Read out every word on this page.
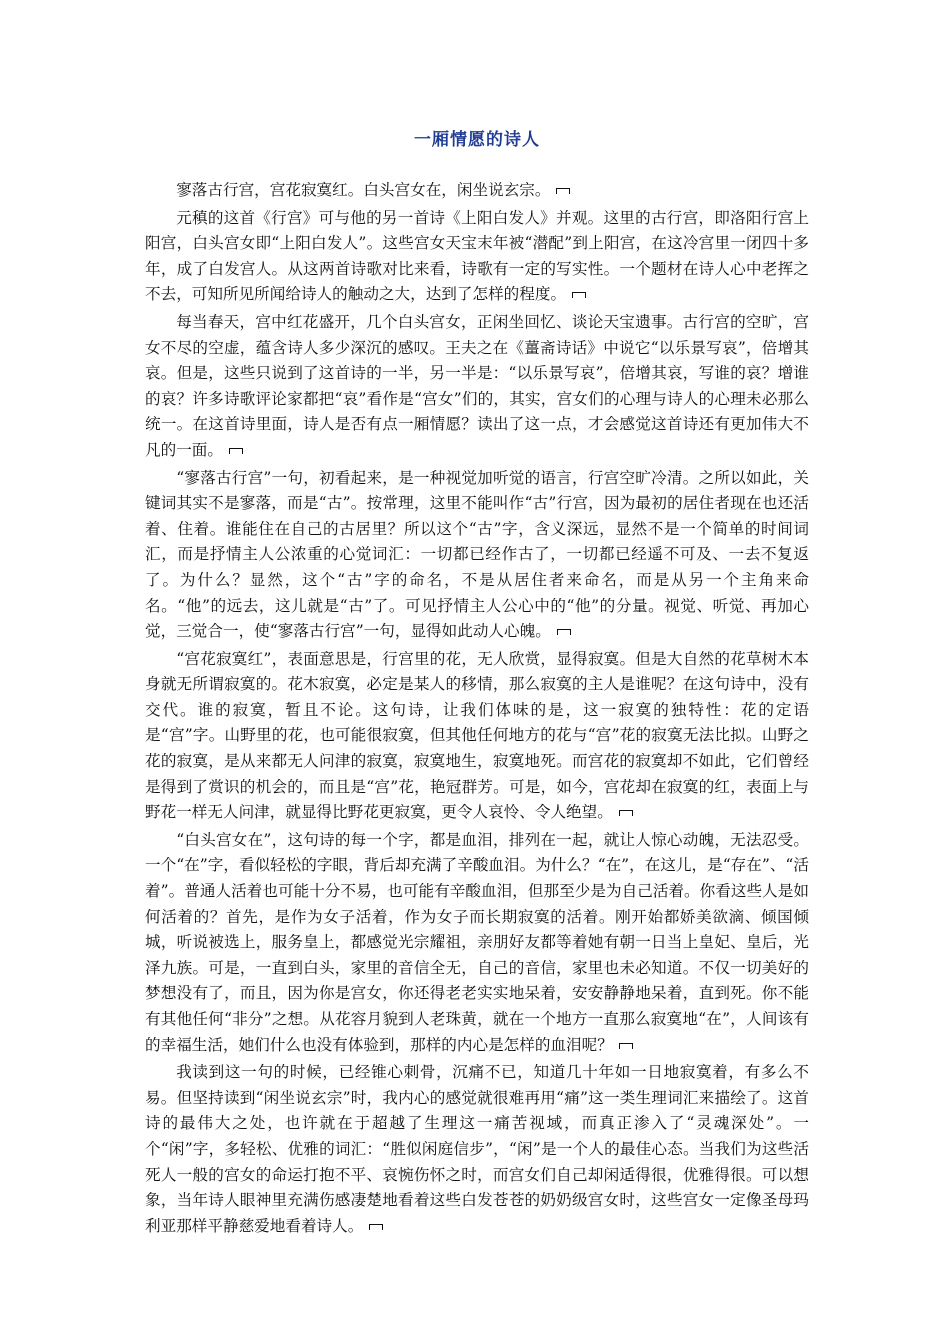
一厢情愿的诗人

寥落古行宫，宫花寂寞红。白头宫女在，闲坐说玄宗。

元稹的这首《行宫》可与他的另一首诗《上阳白发人》并观。这里的古行宫，即洛阳行宫上阳宫，白头宫女即“上阳白发人”。这些宫女天宝末年被“潜配”到上阳宫，在这冷宫里一闭四十多年，成了白发宫人。从这两首诗歌对比来看，诗歌有一定的写实性。一个题材在诗人心中老挥之不去，可知所见所闻给诗人的触动之大，达到了怎样的程度。

每当春天，宫中红花盛开，几个白头宫女，正闲坐回忆、谈论天宝遗事。古行宫的空旷，宫女不尽的空虚，蕴含诗人多少深沉的感叹。王夫之在《薑斋诗话》中说它“以乐景写哀”，倍增其哀。但是，这些只说到了这首诗的一半，另一半是：“以乐景写哀”，倍增其哀，写谁的哀？增谁的哀？许多诗歌评论家都把“哀”看作是“宫女”们的，其实，宫女们的心理与诗人的心理未必那么统一。在这首诗里面，诗人是否有点一厢情愿？读出了这一点，才会感觉这首诗还有更加伟大不凡的一面。

“寥落古行宫”一句，初看起来，是一种视觉加听觉的语言，行宫空旷冷清。之所以如此，关键词其实不是寥落，而是“古”。按常理，这里不能叫作“古”行宫，因为最初的居住者现在也还活着、住着。谁能住在自己的古居里？所以这个“古”字，含义深远，显然不是一个简单的时间词汇，而是抒情主人公浓重的心觉词汇：一切都已经作古了，一切都已经遥不可及、一去不复返了。为什么？显然，这个“古”字的命名，不是从居住者来命名，而是从另一个主角来命名。“他”的远去，这儿就是“古”了。可见抒情主人公心中的“他”的分量。视觉、听觉、再加心觉，三觉合一，使“寥落古行宫”一句，显得如此动人心魄。

“宫花寂寞红”，表面意思是，行宫里的花，无人欣赏，显得寂寞。但是大自然的花草树木本身就无所谓寂寞的。花木寂寞，必定是某人的移情，那么寂寞的主人是谁呢？在这句诗中，没有交代。谁的寂寞，暂且不论。这句诗，让我们体味的是，这一寂寞的独特性：花的定语是“宫”字。山野里的花，也可能很寂寞，但其他任何地方的花与“宫”花的寂寞无法比拟。山野之花的寂寞，是从来都无人问津的寂寞，寂寞地生，寂寞地死。而宫花的寂寞却不如此，它们曾经是得到了赏识的机会的，而且是“宫”花，艳冠群芳。可是，如今，宫花却在寂寞的红，表面上与野花一样无人问津，就显得比野花更寂寞，更令人哀怜、令人绝望。

“白头宫女在”，这句诗的每一个字，都是血泪，排列在一起，就让人惊心动魄，无法忍受。一个“在”字，看似轻松的字眼，背后却充满了辛酸血泪。为什么？“在”，在这儿，是“存在”、“活着”。普通人活着也可能十分不易，也可能有辛酸血泪，但那至少是为自己活着。你看这些人是如何活着的？首先，是作为女子活着，作为女子而长期寂寞的活着。刚开始都娇美欲滴、倾国倾城，听说被选上，服务皇上，都感觉光宗耀祖，亲朋好友都等着她有朝一日当上皇妃、皇后，光泽九族。可是，一直到白头，家里的音信全无，自己的音信，家里也未必知道。不仅一切美好的梦想没有了，而且，因为你是宫女，你还得老老实实地呆着，安安静静地呆着，直到死。你不能有其他任何“非分”之想。从花容月貌到人老珠黄，就在一个地方一直那么寂寞地“在”，人间该有的幸福生活，她们什么也没有体验到，那样的内心是怎样的血泪呢？

我读到这一句的时候，已经锥心刺骨，沉痛不已，知道几十年如一日地寂寞着，有多么不易。但坚持读到“闲坐说玄宗”时，我内心的感觉就很难再用“痛”这一类生理词汇来描绘了。这首诗的最伟大之处，也许就在于超越了生理这一痛苦视域，而真正渗入了“灵魂深处”。一个“闲”字，多轻松、优雅的词汇：“胜似闲庭信步”，“闲”是一个人的最佳心态。当我们为这些活死人一般的宫女的命运打抱不平、哀惋伤怀之时，而宫女们自己却闲适得很，优雅得很。可以想象，当年诗人眼神里充满伤感凄楚地看着这些白发苍苍的奶奶级宫女时，这些宫女一定像圣母玛利亚那样平静慈爱地看着诗人。
